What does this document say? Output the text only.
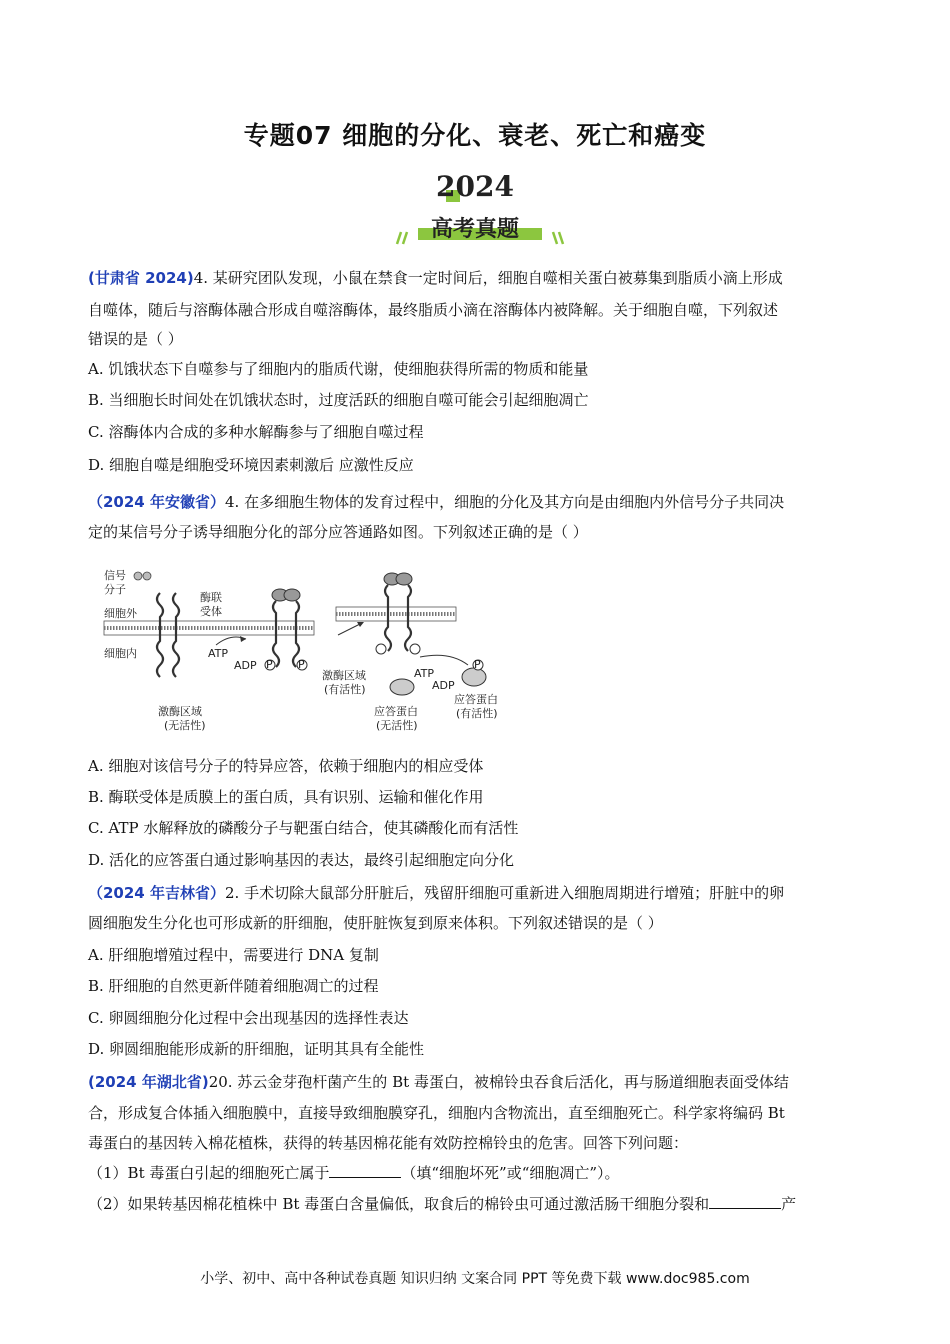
专题07 细胞的分化、衰老、死亡和癌变
2024
高考真题
(甘肃省 2024)4. 某研究团队发现，小鼠在禁食一定时间后，细胞自噬相关蛋白被募集到脂质小滴上形成
自噬体，随后与溶酶体融合形成自噬溶酶体，最终脂质小滴在溶酶体内被降解。关于细胞自噬，下列叙述
错误的是（ ）
A. 饥饿状态下自噬参与了细胞内的脂质代谢，使细胞获得所需的物质和能量
B. 当细胞长时间处在饥饿状态时，过度活跃的细胞自噬可能会引起细胞凋亡
C. 溶酶体内合成的多种水解酶参与了细胞自噬过程
D. 细胞自噬是细胞受环境因素刺激后 应激性反应
（2024 年安徽省）4. 在多细胞生物体的发育过程中，细胞的分化及其方向是由细胞内外信号分子共同决
定的某信号分子诱导细胞分化的部分应答通路如图。下列叙述正确的是（ ）
信号
分子
酶联
受体
细胞外
细胞内	ATP
ADP P P
激酶区域
(无活性)
激酶区域
(有活性)
ATP
ADP
P
应答蛋白
(无活性)
应答蛋白
(有活性)
A. 细胞对该信号分子的特异应答，依赖于细胞内的相应受体
B. 酶联受体是质膜上的蛋白质，具有识别、运输和催化作用
C. ATP 水解释放的磷酸分子与靶蛋白结合，使其磷酸化而有活性
D. 活化的应答蛋白通过影响基因的表达，最终引起细胞定向分化
（2024 年吉林省）2. 手术切除大鼠部分肝脏后，残留肝细胞可重新进入细胞周期进行增殖；肝脏中的卵
圆细胞发生分化也可形成新的肝细胞，使肝脏恢复到原来体积。下列叙述错误的是（ ）
A. 肝细胞增殖过程中，需要进行 DNA 复制
B. 肝细胞的自然更新伴随着细胞凋亡的过程
C. 卵圆细胞分化过程中会出现基因的选择性表达
D. 卵圆细胞能形成新的肝细胞，证明其具有全能性
(2024 年湖北省)20. 苏云金芽孢杆菌产生的 Bt 毒蛋白，被棉铃虫吞食后活化，再与肠道细胞表面受体结
合，形成复合体插入细胞膜中，直接导致细胞膜穿孔，细胞内含物流出，直至细胞死亡。科学家将编码 Bt
毒蛋白的基因转入棉花植株，获得的转基因棉花能有效防控棉铃虫的危害。回答下列问题：
（1）Bt 毒蛋白引起的细胞死亡属于	（填“细胞坏死”或“细胞凋亡”）。
（2）如果转基因棉花植株中 Bt 毒蛋白含量偏低，取食后的棉铃虫可通过激活肠干细胞分裂和	产
小学、初中、高中各种试卷真题 知识归纳 文案合同 PPT 等免费下载 www.doc985.com
